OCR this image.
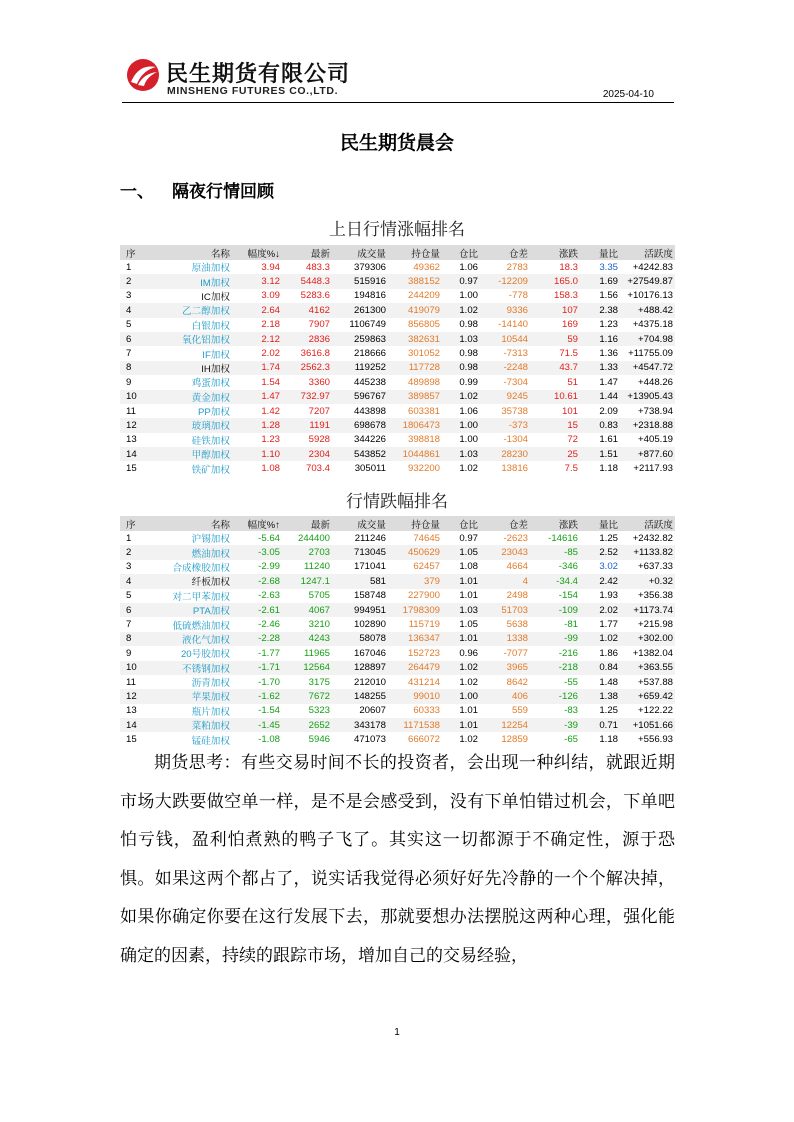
民生期货有限公司
MINSHENG FUTURES CO.,LTD.	2025-04-10
民生期货晨会
一、 隔夜行情回顾
上日行情涨幅排名
序	名称	幅度%↓	最新	成交量	持仓量	仓比	仓差	涨跌	量比	活跃度
1	原油加权	3.94	483.3	379306	49362	1.06	2783	18.3	3.35	+4242.83
2	IM加权	3.12	5448.3	515916	388152	0.97	-12209	165.0	1.69	+27549.87
3	IC加权	3.09	5283.6	194816	244209	1.00	-778	158.3	1.56	+10176.13
4	乙二醇加权	2.64	4162	261300	419079	1.02	9336	107	2.38	+488.42
5	白银加权	2.18	7907	1106749	856805	0.98	-14140	169	1.23	+4375.18
6	氧化铝加权	2.12	2836	259863	382631	1.03	10544	59	1.16	+704.98
7	IF加权	2.02	3616.8	218666	301052	0.98	-7313	71.5	1.36	+11755.09
8	IH加权	1.74	2562.3	119252	117728	0.98	-2248	43.7	1.33	+4547.72
9	鸡蛋加权	1.54	3360	445238	489898	0.99	-7304	51	1.47	+448.26
10	黄金加权	1.47	732.97	596767	389857	1.02	9245	10.61	1.44	+13905.43
11	PP加权	1.42	7207	443898	603381	1.06	35738	101	2.09	+738.94
12	玻璃加权	1.28	1191	698678	1806473	1.00	-373	15	0.83	+2318.88
13	硅铁加权	1.23	5928	344226	398818	1.00	-1304	72	1.61	+405.19
14	甲醇加权	1.10	2304	543852	1044861	1.03	28230	25	1.51	+877.60
15	铁矿加权	1.08	703.4	305011	932200	1.02	13816	7.5	1.18	+2117.93
行情跌幅排名
序	名称	幅度%↑	最新	成交量	持仓量	仓比	仓差	涨跌	量比	活跃度
1	沪锡加权	-5.64	244400	211246	74645	0.97	-2623	-14616	1.25	+2432.82
2	燃油加权	-3.05	2703	713045	450629	1.05	23043	-85	2.52	+1133.82
3	合成橡胶加权	-2.99	11240	171041	62457	1.08	4664	-346	3.02	+637.33
4	纤板加权	-2.68	1247.1	581	379	1.01	4	-34.4	2.42	+0.32
5	对二甲苯加权	-2.63	5705	158748	227900	1.01	2498	-154	1.93	+356.38
6	PTA加权	-2.61	4067	994951	1798309	1.03	51703	-109	2.02	+1173.74
7	低硫燃油加权	-2.46	3210	102890	115719	1.05	5638	-81	1.77	+215.98
8	液化气加权	-2.28	4243	58078	136347	1.01	1338	-99	1.02	+302.00
9	20号胶加权	-1.77	11965	167046	152723	0.96	-7077	-216	1.86	+1382.04
10	不锈钢加权	-1.71	12564	128897	264479	1.02	3965	-218	0.84	+363.55
11	沥青加权	-1.70	3175	212010	431214	1.02	8642	-55	1.48	+537.88
12	苹果加权	-1.62	7672	148255	99010	1.00	406	-126	1.38	+659.42
13	瓶片加权	-1.54	5323	20607	60333	1.01	559	-83	1.25	+122.22
14	菜粕加权	-1.45	2652	343178	1171538	1.01	12254	-39	0.71	+1051.66
15	锰硅加权	-1.08	5946	471073	666072	1.02	12859	-65	1.18	+556.93

期货思考：有些交易时间不长的投资者，会出现一种纠结，就跟近期市场大跌要做空单一样，是不是会感受到，没有下单怕错过机会，下单吧怕亏钱，盈利怕煮熟的鸭子飞了。其实这一切都源于不确定性，源于恐惧。如果这两个都占了，说实话我觉得必须好好先冷静的一个个解决掉，如果你确定你要在这行发展下去，那就要想办法摆脱这两种心理，强化能确定的因素，持续的跟踪市场，增加自己的交易经验，

1
